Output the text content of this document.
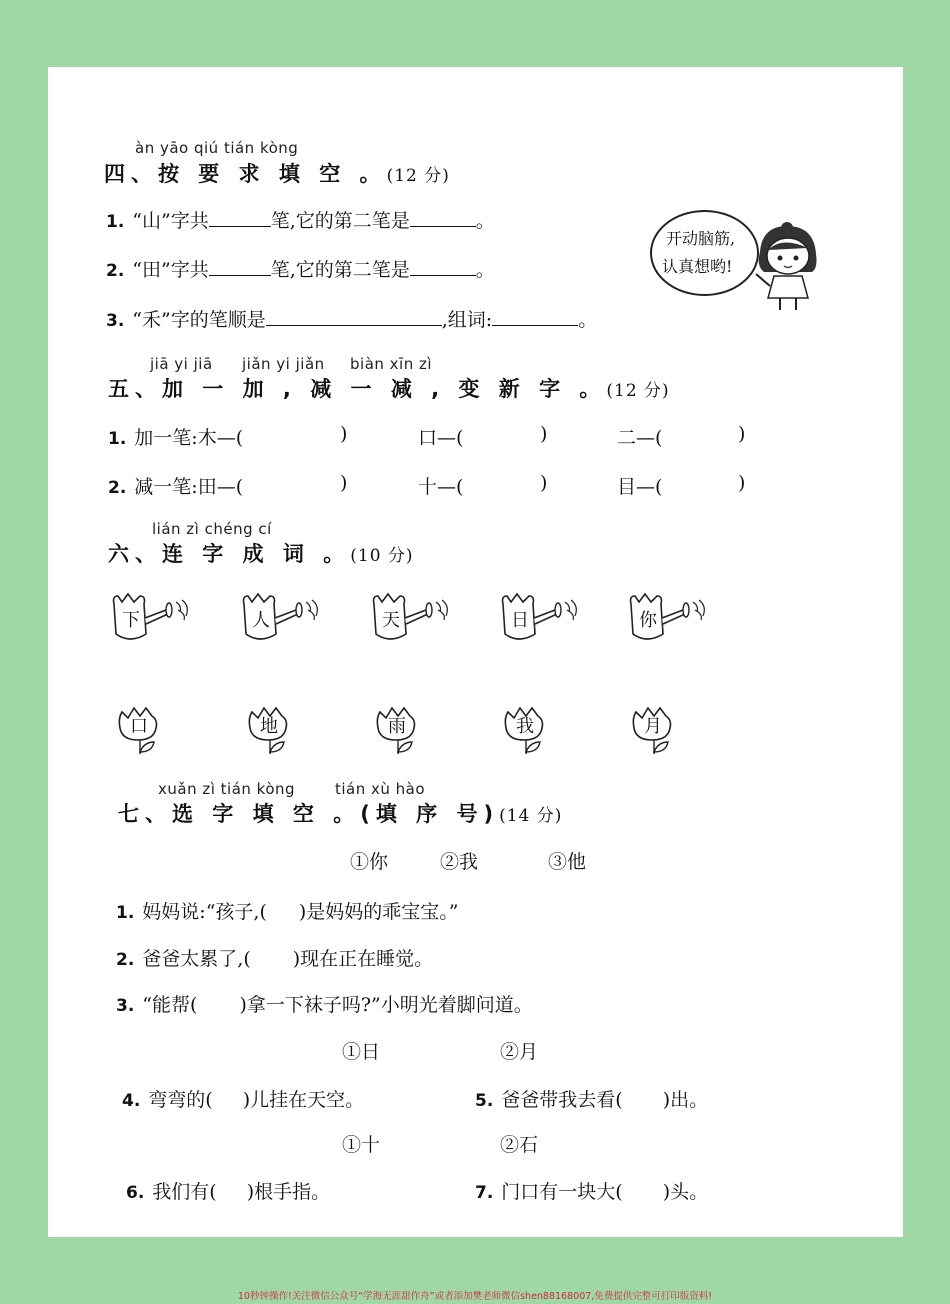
àn yāo qiú tián kòng
四、按 要 求 填 空 。(12 分)
1. “山”字共	笔,它的第二笔是	。
2. “田”字共	笔,它的第二笔是	。
3. “禾”字的笔顺是	,组词:	。
开动脑筋,
认真想哟!
jiā yi jiā jiǎn yi jiǎn biàn xīn zì
五、加 一 加 , 减 一 减 , 变 新 字 。(12 分)
1. 加一笔:木—(	)	口—(	)	二—(	)
2. 减一笔:田—(	)	十—(	)	目—(	)
lián zì chéng cí
六、连 字 成 词 。(10 分)
下	人	天	日	你
口	地	雨	我	月
xuǎn zì tián kòng	tián xù hào
七、选 字 填 空 。(填 序 号)(14 分)
①你	②我	③他
1. 妈妈说:“孩子,( )是妈妈的乖宝宝。”
2. 爸爸太累了,( )现在正在睡觉。
3. “能帮( )拿一下袜子吗?”小明光着脚问道。
①日	②月
4. 弯弯的( )儿挂在天空。	5. 爸爸带我去看( )出。
①十	②石
6. 我们有( )根手指。	7. 门口有一块大( )头。
10秒钟操作!关注微信公众号“学海无涯甜作舟”或者添加樊老师微信shen88168007,免费提供完整可打印版资料!
